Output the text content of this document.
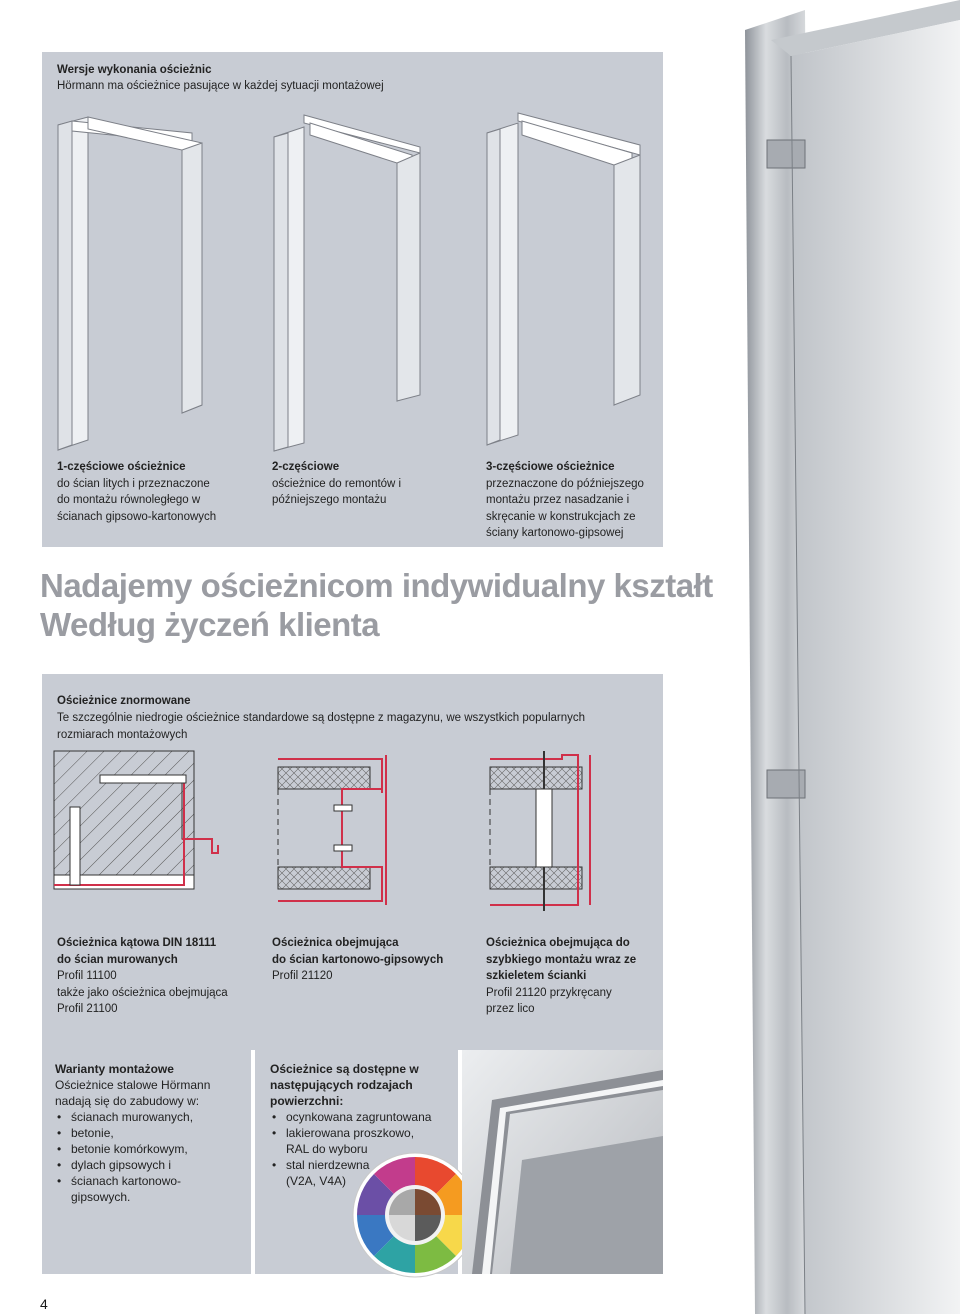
Wersje wykonania ościeżnic
Hörmann ma ościeżnice pasujące w każdej sytuacji montażowej
1-częściowe ościeżnice
do ścian litych i przeznaczone
do montażu równoległego w
ścianach gipsowo-kartonowych
2-częściowe
ościeżnice do remontów i
późniejszego montażu
3-częściowe ościeżnice
przeznaczone do późniejszego
montażu przez nasadzanie i
skręcanie w konstrukcjach ze
ściany kartonowo-gipsowej
Nadajemy ościeżnicom indywidualny kształt
Według życzeń klienta
Ościeżnice znormowane
Te szczególnie niedrogie ościeżnice standardowe są dostępne z magazynu, we wszystkich popularnych
rozmiarach montażowych
Ościeżnica kątowa DIN 18111
do ścian murowanych
Profil 11100
także jako ościeżnica obejmująca
Profil 21100
Ościeżnica obejmująca
do ścian kartonowo-gipsowych
Profil 21120
Ościeżnica obejmująca do
szybkiego montażu wraz ze
szkieletem ścianki
Profil 21120 przykręcany
przez lico
Warianty montażowe
Ościeżnice stalowe Hörmann
nadają się do zabudowy w:
• ścianach murowanych,
• betonie,
• betonie komórkowym,
• dylach gipsowych i
• ścianach kartonowo-
gipsowych.
Ościeżnice są dostępne w
następujących rodzajach
powierzchni:
• ocynkowana zagruntowana
• lakierowana proszkowo,
RAL do wyboru
• stal nierdzewna
(V2A, V4A)
4
